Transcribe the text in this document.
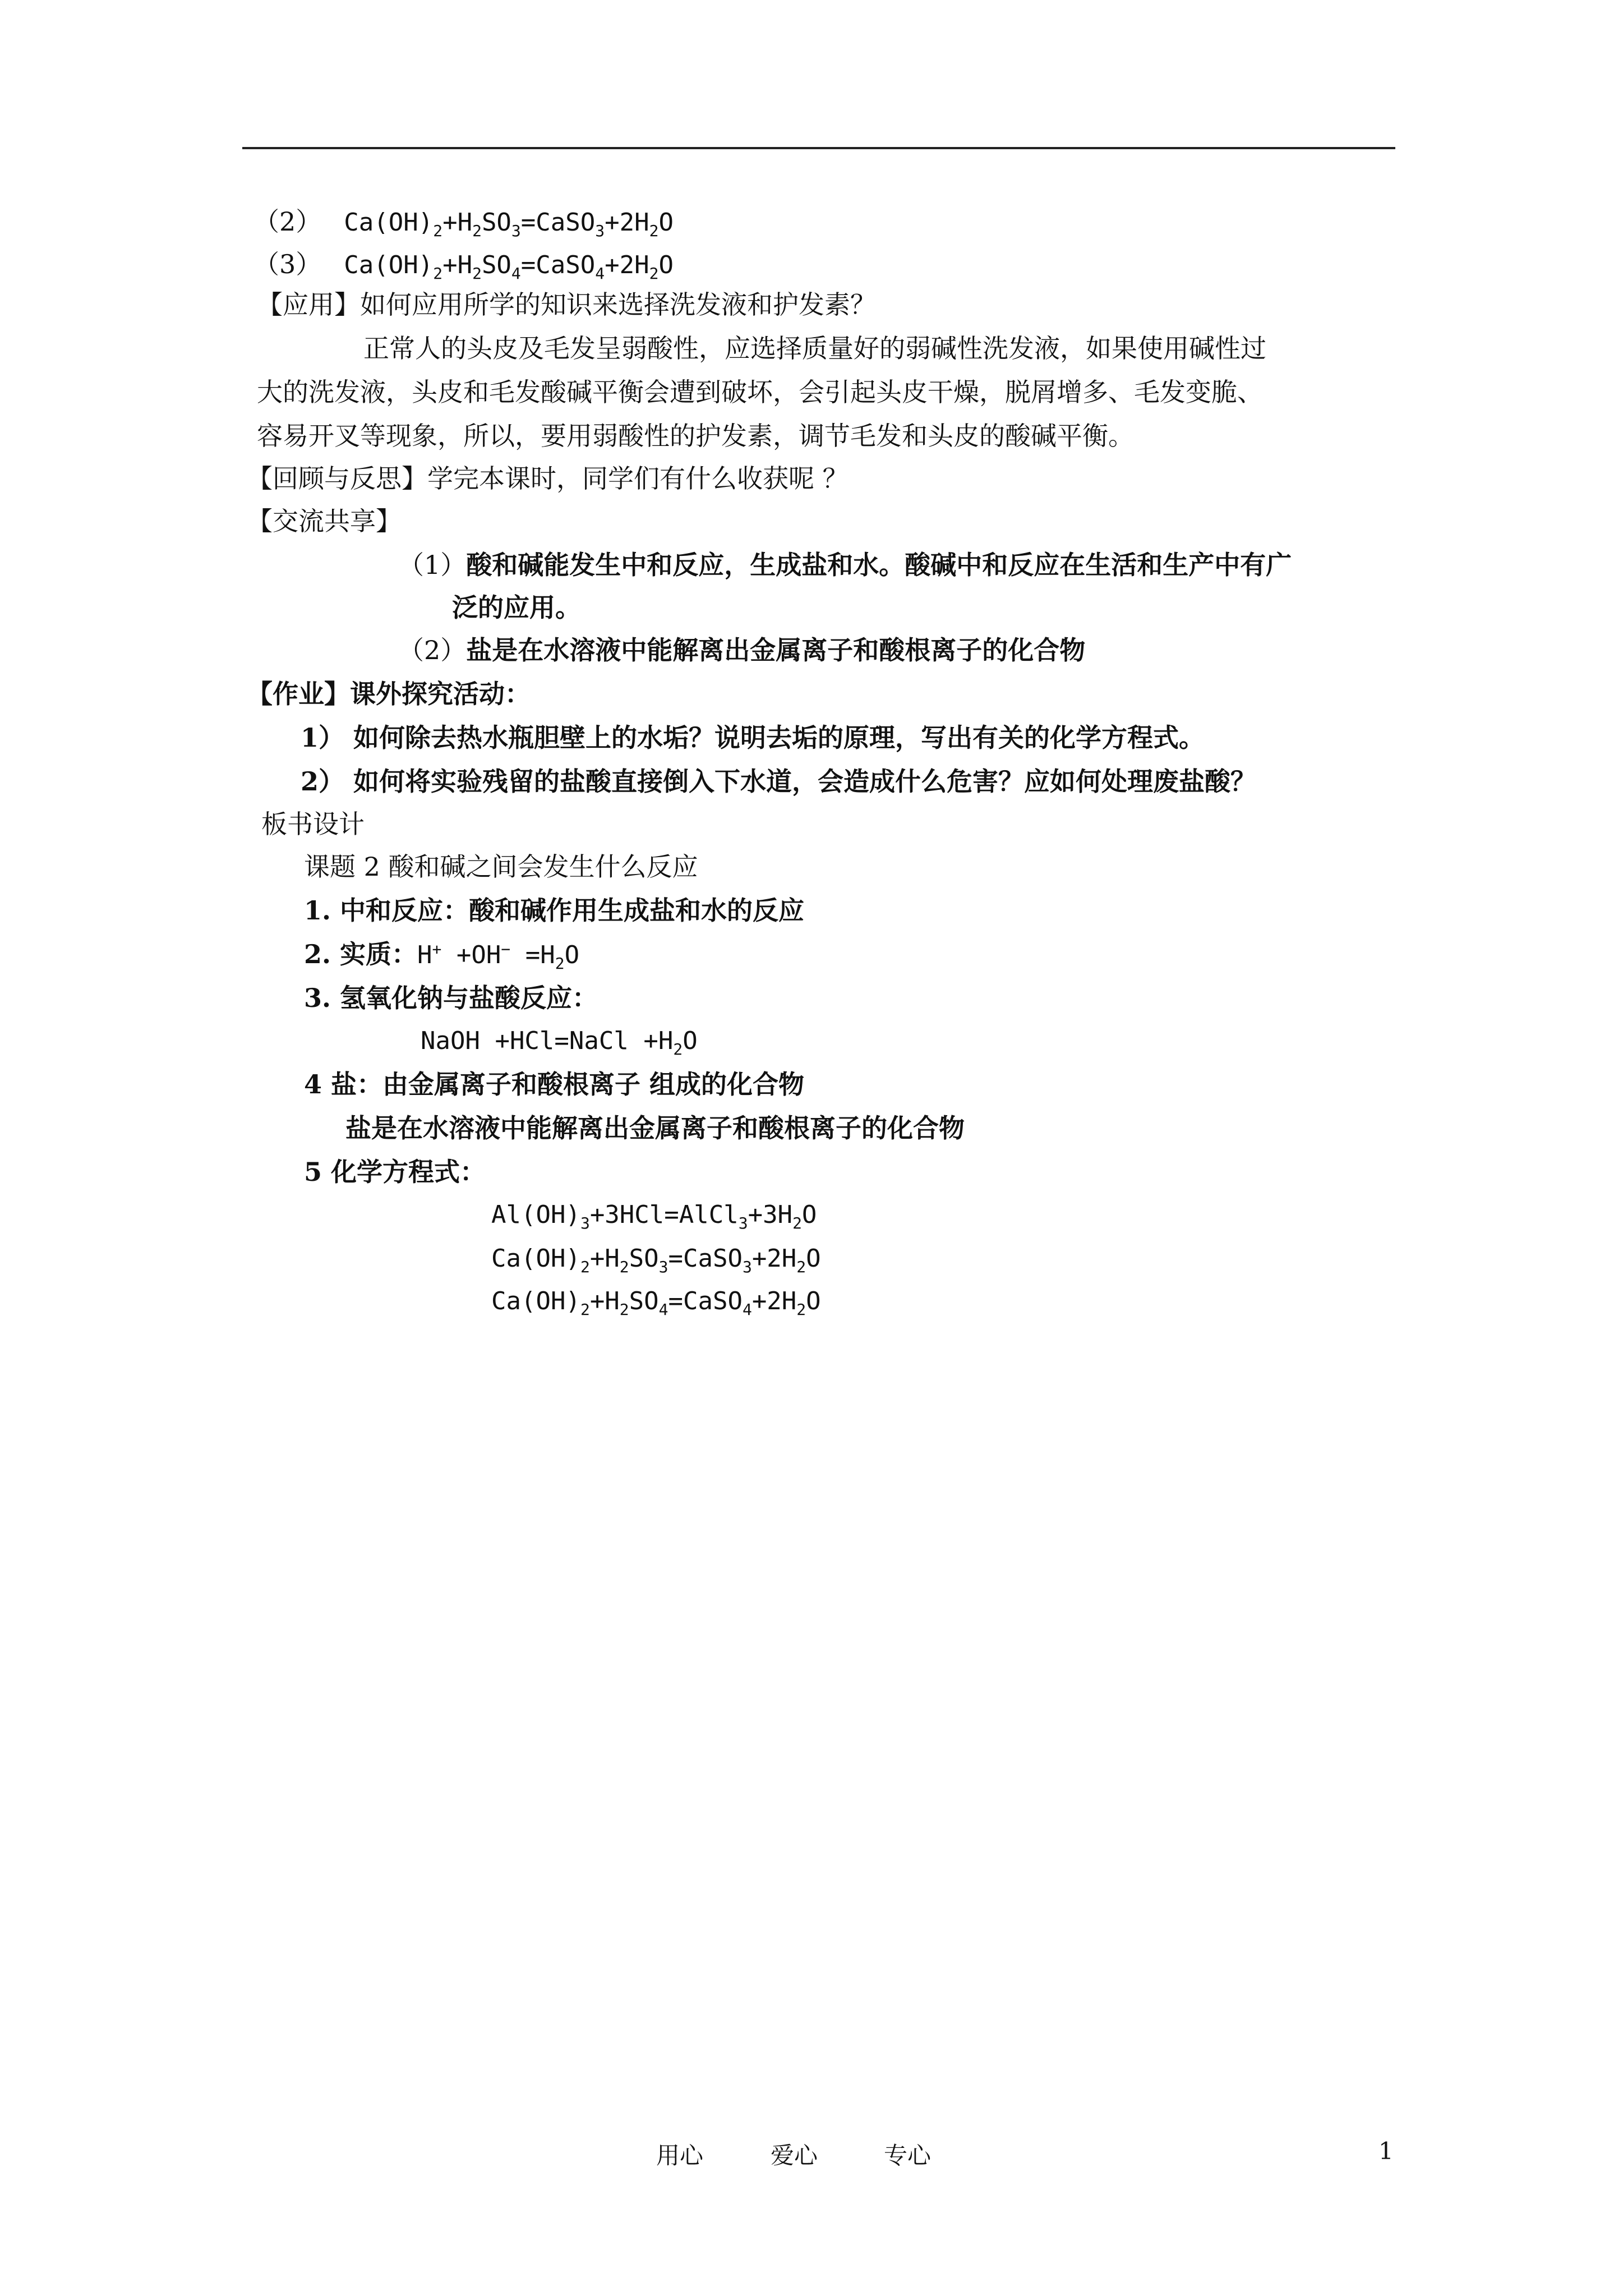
（2） $Ca(OH)_2+H_2SO_3=CaSO_3+2H_2O$
（3） $Ca(OH)_2+H_2SO_4=CaSO_4+2H_2O$
【应用】如何应用所学的知识来选择洗发液和护发素？
正常人的头皮及毛发呈弱酸性，应选择质量好的弱碱性洗发液，如果使用碱性过
大的洗发液，头皮和毛发酸碱平衡会遭到破坏，会引起头皮干燥，脱屑增多、毛发变脆、
容易开叉等现象，所以，要用弱酸性的护发素，调节毛发和头皮的酸碱平衡。
【回顾与反思】学完本课时，同学们有什么收获呢 ？
【交流共享】
（1）酸和碱能发生中和反应，生成盐和水。酸碱中和反应在生活和生产中有广
泛的应用。
（2）盐是在水溶液中能解离出金属离子和酸根离子的化合物
【作业】课外探究活动：
1） 如何除去热水瓶胆壁上的水垢？说明去垢的原理，写出有关的化学方程式。
2） 如何将实验残留的盐酸直接倒入下水道，会造成什么危害？应如何处理废盐酸？
板书设计
课题 2 酸和碱之间会发生什么反应
1. 中和反应：酸和碱作用生成盐和水的反应
2. 实质：$H^+ +OH^- =H_2O$
3. 氢氧化钠与盐酸反应：
NaOH +HCl=NaCl $+H_2O$
4 盐：由金属离子和酸根离子 组成的化合物
盐是在水溶液中能解离出金属离子和酸根离子的化合物
5 化学方程式：
$Al(OH)_3+3HCl=AlCl_3+3H_2O$
$Ca(OH)_2+H_2SO_3=CaSO_3+2H_2O$
$Ca(OH)_2+H_2SO_4=CaSO_4+2H_2O$
用心	爱心	专心	1
